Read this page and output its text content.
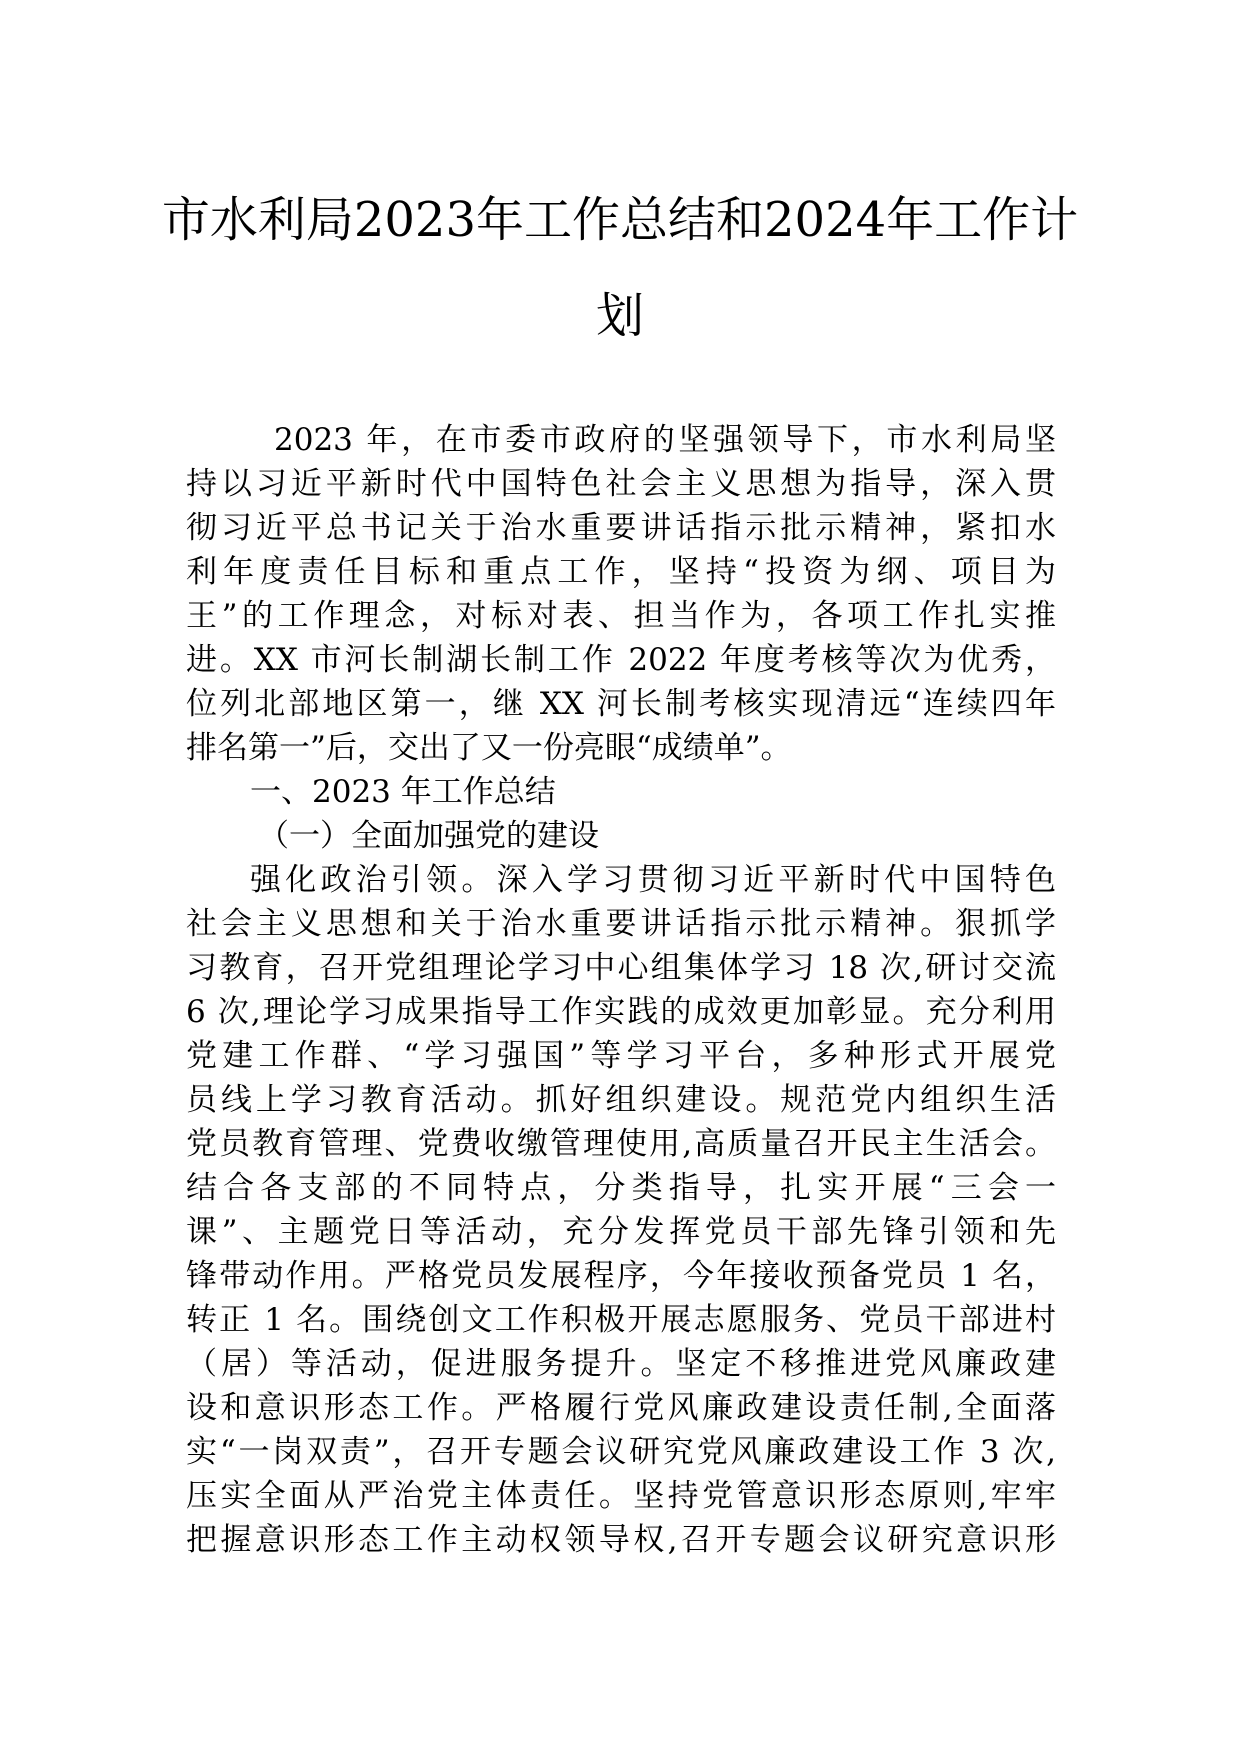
市水利局2023年工作总结和2024年工作计
划
2023 年，在市委市政府的坚强领导下，市水利局坚
持以习近平新时代中国特色社会主义思想为指导，深入贯
彻习近平总书记关于治水重要讲话指示批示精神，紧扣水
利年度责任目标和重点工作，坚持“投资为纲、项目为
王”的工作理念，对标对表、担当作为，各项工作扎实推
进。XX 市河长制湖长制工作 2022 年度考核等次为优秀，
位列北部地区第一，继 XX 河长制考核实现清远“连续四年
排名第一”后，交出了又一份亮眼“成绩单”。
一、2023 年工作总结
（一）全面加强党的建设
强化政治引领。深入学习贯彻习近平新时代中国特色
社会主义思想和关于治水重要讲话指示批示精神。狠抓学
习教育，召开党组理论学习中心组集体学习 18 次,研讨交流
6 次,理论学习成果指导工作实践的成效更加彰显。充分利用
党建工作群、“学习强国”等学习平台，多种形式开展党
员线上学习教育活动。抓好组织建设。规范党内组织生活
党员教育管理、党费收缴管理使用,高质量召开民主生活会。
结合各支部的不同特点，分类指导，扎实开展“三会一
课”、主题党日等活动，充分发挥党员干部先锋引领和先
锋带动作用。严格党员发展程序，今年接收预备党员 1 名，
转正 1 名。围绕创文工作积极开展志愿服务、党员干部进村
（居）等活动，促进服务提升。坚定不移推进党风廉政建
设和意识形态工作。严格履行党风廉政建设责任制,全面落
实“一岗双责”，召开专题会议研究党风廉政建设工作 3 次,
压实全面从严治党主体责任。坚持党管意识形态原则,牢牢
把握意识形态工作主动权领导权,召开专题会议研究意识形
